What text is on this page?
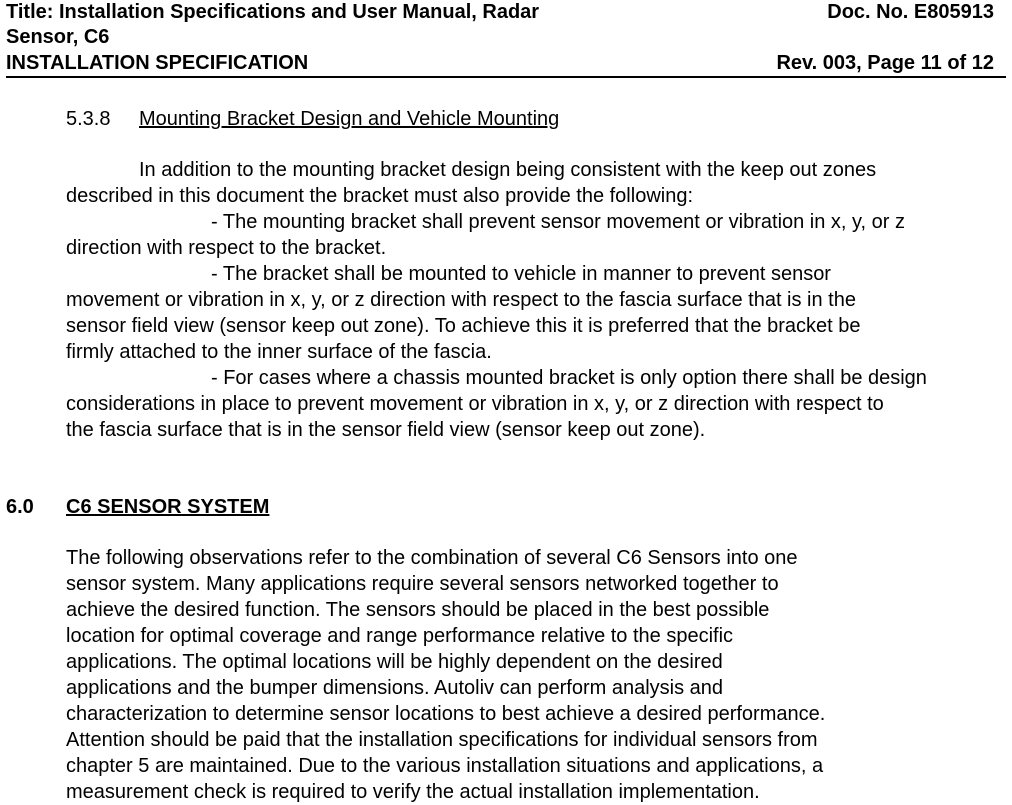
Title: Installation Specifications and User Manual, Radar
Sensor, C6
INSTALLATION SPECIFICATION
Doc. No. E805913
Rev. 003, Page 11 of 12
5.3.8 Mounting Bracket Design and Vehicle Mounting
In addition to the mounting bracket design being consistent with the keep out zones
described in this document the bracket must also provide the following:
- The mounting bracket shall prevent sensor movement or vibration in x, y, or z
direction with respect to the bracket.
- The bracket shall be mounted to vehicle in manner to prevent sensor
movement or vibration in x, y, or z direction with respect to the fascia surface that is in the
sensor field view (sensor keep out zone). To achieve this it is preferred that the bracket be
firmly attached to the inner surface of the fascia.
- For cases where a chassis mounted bracket is only option there shall be design
considerations in place to prevent movement or vibration in x, y, or z direction with respect to
the fascia surface that is in the sensor field view (sensor keep out zone).
6.0 C6 SENSOR SYSTEM
The following observations refer to the combination of several C6 Sensors into one
sensor system. Many applications require several sensors networked together to
achieve the desired function. The sensors should be placed in the best possible
location for optimal coverage and range performance relative to the specific
applications. The optimal locations will be highly dependent on the desired
applications and the bumper dimensions. Autoliv can perform analysis and
characterization to determine sensor locations to best achieve a desired performance.
Attention should be paid that the installation specifications for individual sensors from
chapter 5 are maintained. Due to the various installation situations and applications, a
measurement check is required to verify the actual installation implementation.
